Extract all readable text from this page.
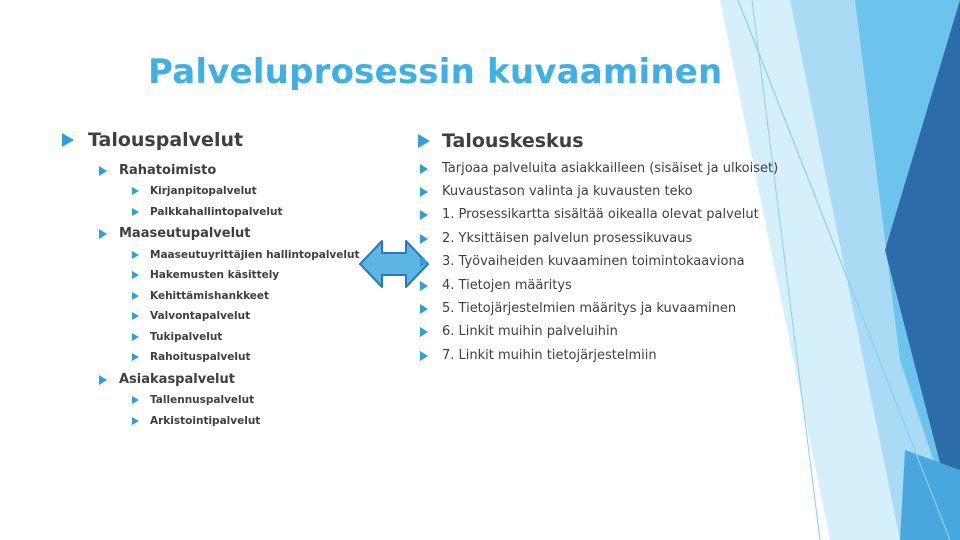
Palveluprosessin kuvaaminen
Talouspalvelut
Rahatoimisto
Kirjanpitopalvelut
Palkkahallintopalvelut
Maaseutupalvelut
Maaseutuyrittäjien hallintopalvelut
Hakemusten käsittely
Kehittämishankkeet
Valvontapalvelut
Tukipalvelut
Rahoituspalvelut
Asiakaspalvelut
Tallennuspalvelut
Arkistointipalvelut
Talouskeskus
Tarjoaa palveluita asiakkailleen (sisäiset ja ulkoiset)
Kuvaustason valinta ja kuvausten teko
1. Prosessikartta sisältää oikealla olevat palvelut
2. Yksittäisen palvelun prosessikuvaus
3. Työvaiheiden kuvaaminen toimintokaaviona
4. Tietojen määritys
5. Tietojärjestelmien määritys ja kuvaaminen
6. Linkit muihin palveluihin
7. Linkit muihin tietojärjestelmiin
